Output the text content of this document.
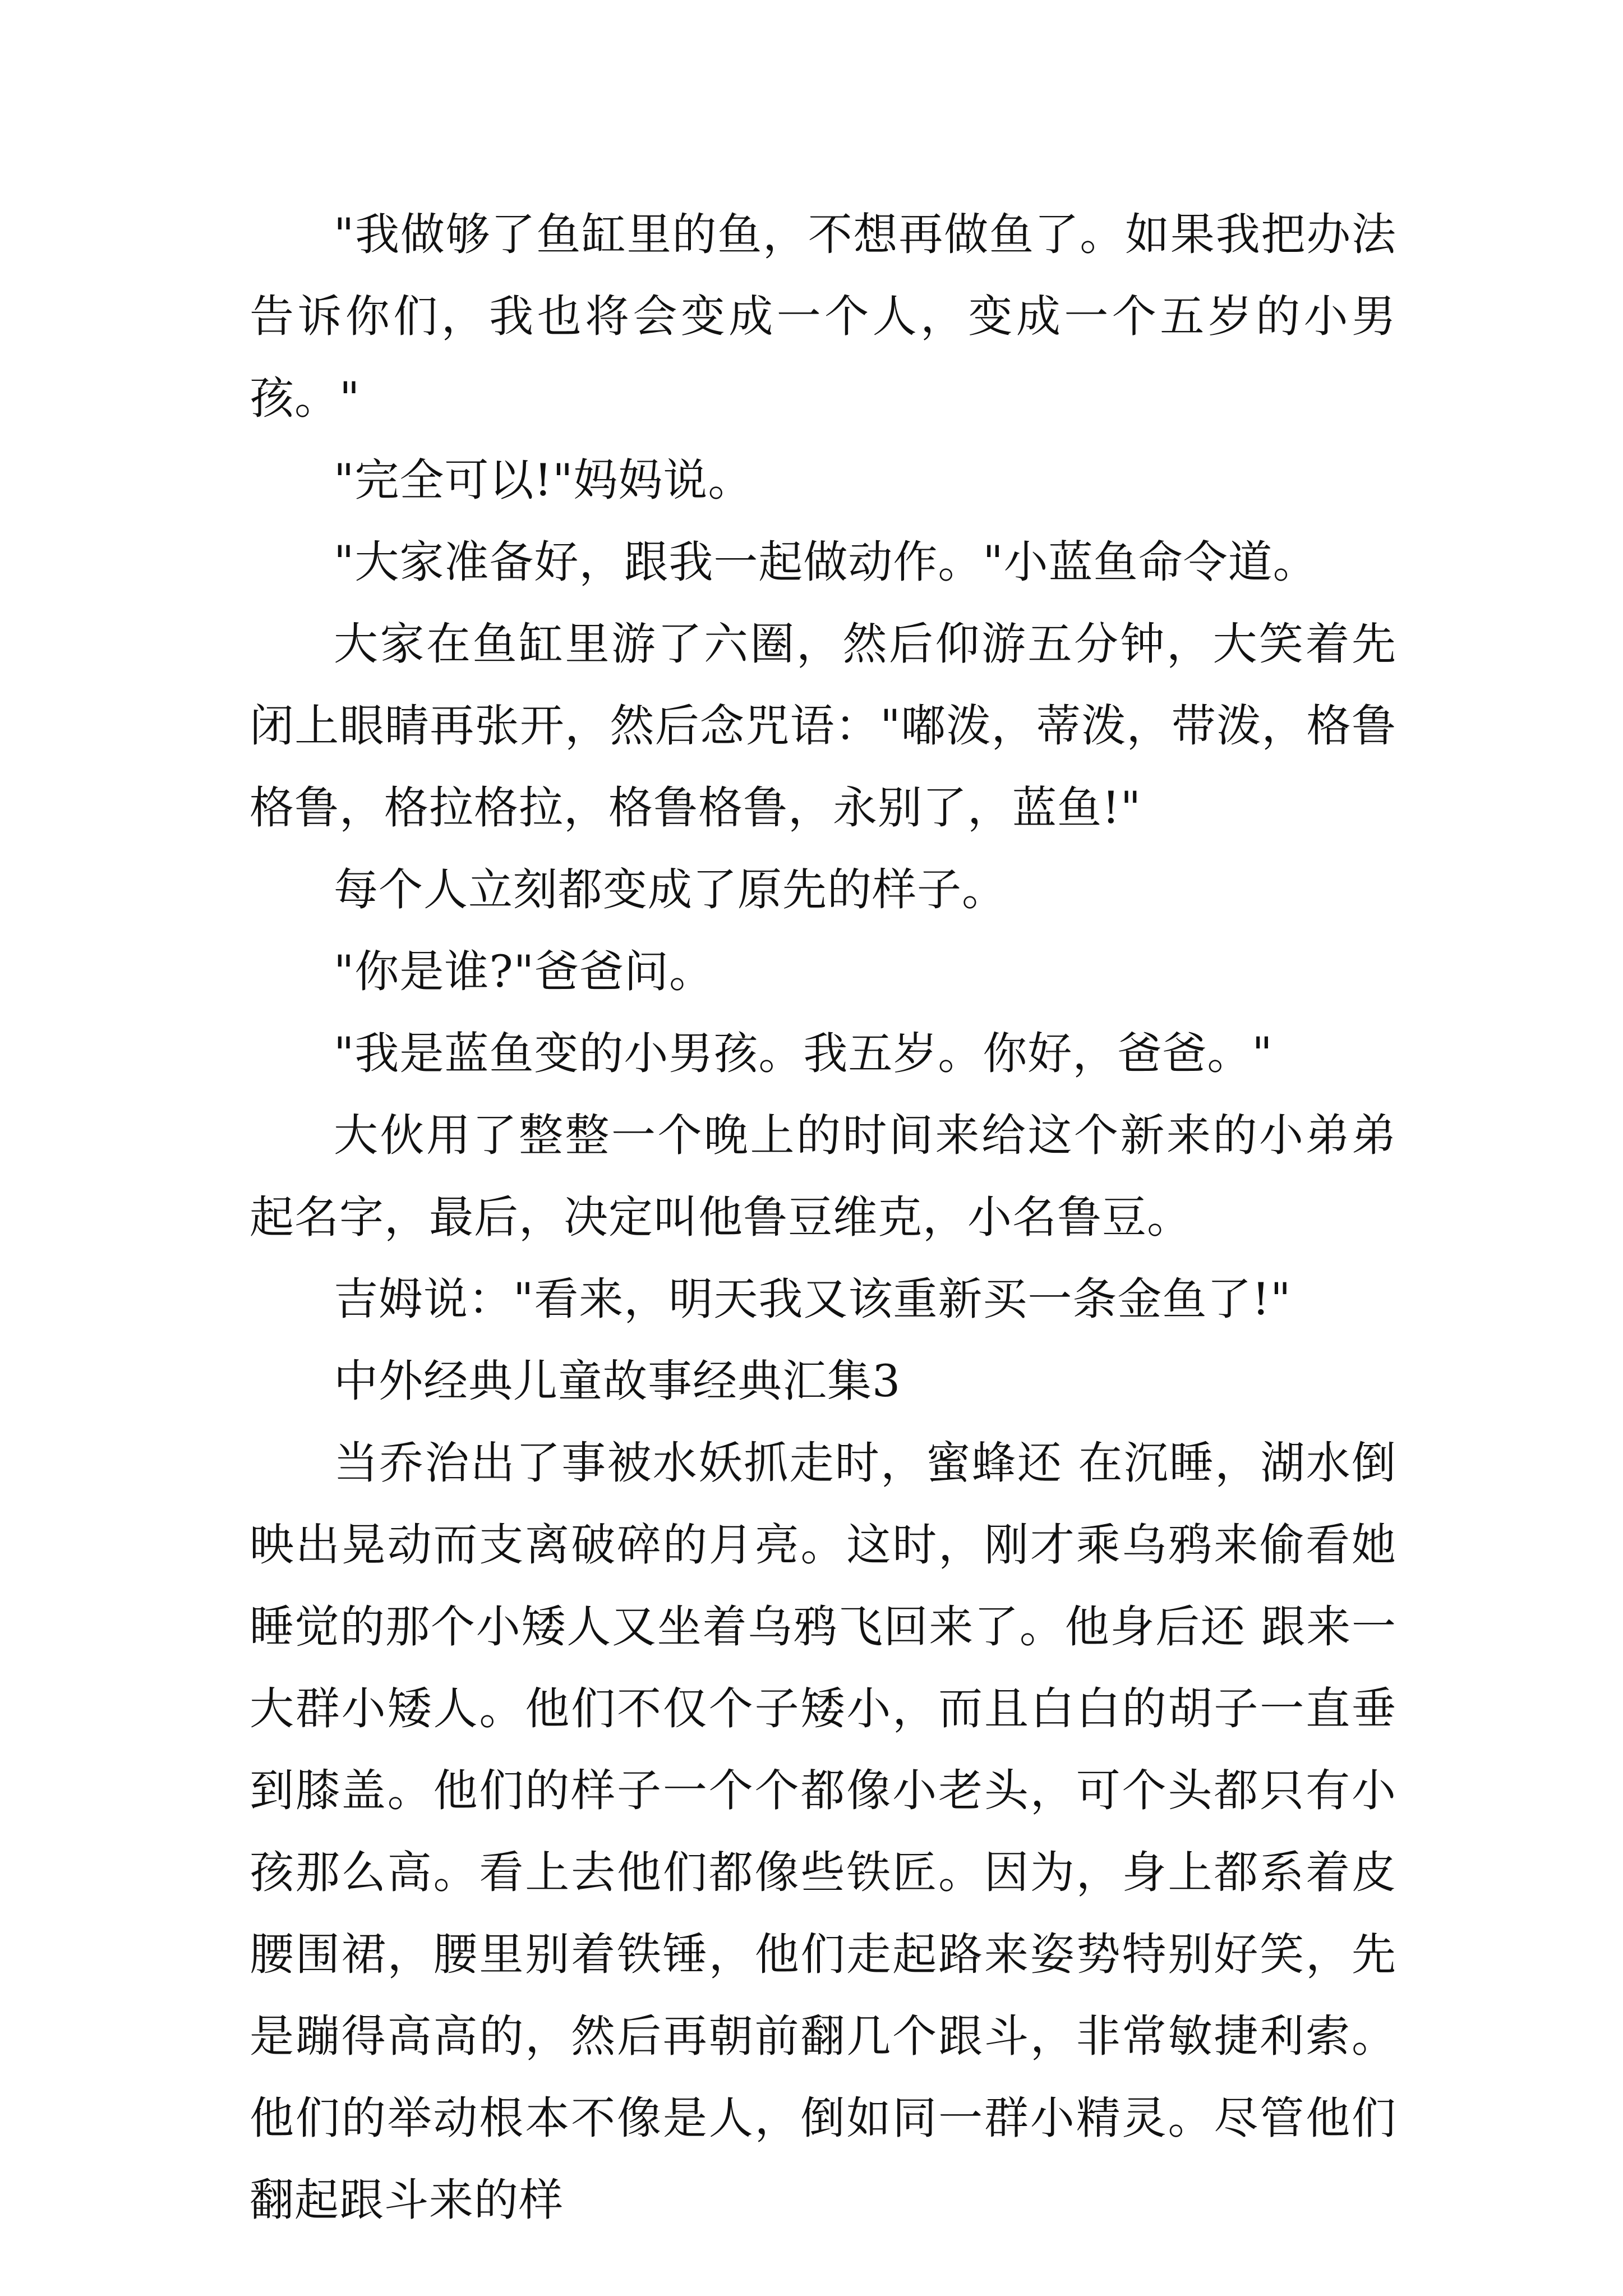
"我做够了鱼缸里的鱼，不想再做鱼了。如果我把办法告诉你们，我也将会变成一个人，变成一个五岁的小男孩。"

"完全可以!"妈妈说。

"大家准备好，跟我一起做动作。"小蓝鱼命令道。

大家在鱼缸里游了六圈，然后仰游五分钟，大笑着先闭上眼睛再张开，然后念咒语："嘟泼，蒂泼，带泼，格鲁格鲁，格拉格拉，格鲁格鲁，永别了，蓝鱼!"

每个人立刻都变成了原先的样子。

"你是谁?"爸爸问。

"我是蓝鱼变的小男孩。我五岁。你好，爸爸。"

大伙用了整整一个晚上的时间来给这个新来的小弟弟起名字，最后，决定叫他鲁豆维克，小名鲁豆。

吉姆说："看来，明天我又该重新买一条金鱼了!"

中外经典儿童故事经典汇集3

当乔治出了事被水妖抓走时，蜜蜂还 在沉睡，湖水倒映出晃动而支离破碎的月亮。这时，刚才乘乌鸦来偷看她睡觉的那个小矮人又坐着乌鸦飞回来了。他身后还 跟来一大群小矮人。他们不仅个子矮小，而且白白的胡子一直垂到膝盖。他们的样子一个个都像小老头，可个头都只有小孩那么高。看上去他们都像些铁匠。因为，身上都系着皮腰围裙，腰里别着铁锤，他们走起路来姿势特别好笑，先是蹦得高高的，然后再朝前翻几个跟斗，非常敏捷利索。他们的举动根本不像是人，倒如同一群小精灵。尽管他们翻起跟斗来的样
